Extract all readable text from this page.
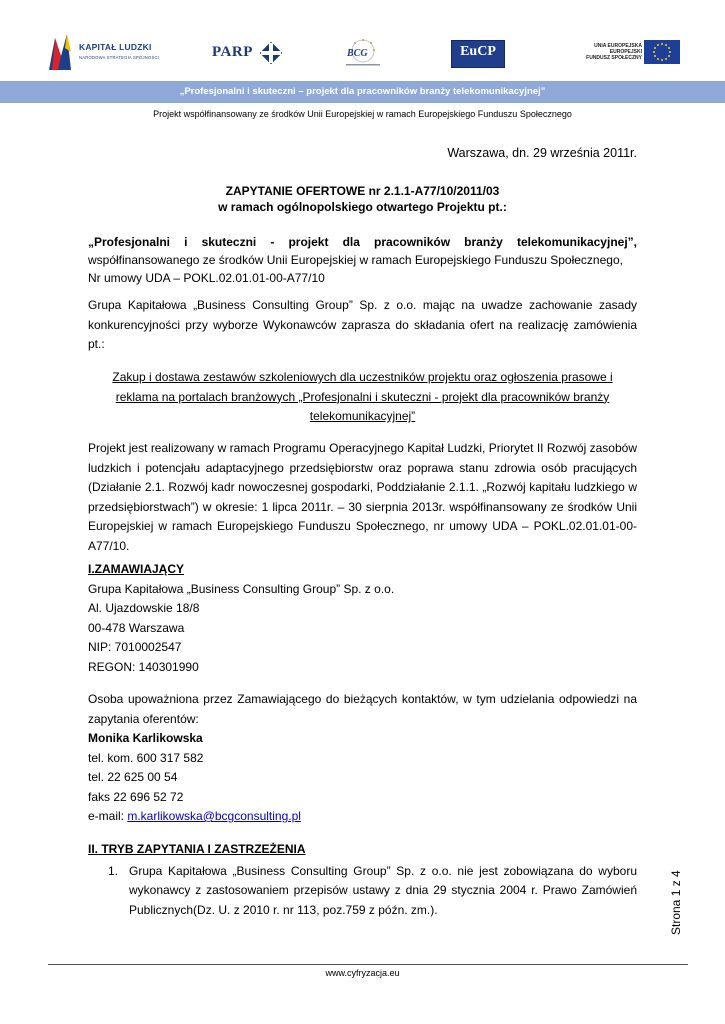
KAPITAŁ LUDZKI
NARODOWA STRATEGIA SPÓJNOŚCI	PARP	BCG	EuCP	UNIA EUROPEJSKA
EUROPEJSKI
FUNDUSZ SPOŁECZNY
„Profesjonalni i skuteczni – projekt dla pracowników branży telekomunikacyjnej”
Projekt współfinansowany ze środków Unii Europejskiej w ramach Europejskiego Funduszu Społecznego
Warszawa, dn. 29 września 2011r.
ZAPYTANIE OFERTOWE nr 2.1.1-A77/10/2011/03
w ramach ogólnopolskiego otwartego Projektu pt.:
„Profesjonalni i skuteczni - projekt dla pracowników branży telekomunikacyjnej”,
współfinansowanego ze środków Unii Europejskiej w ramach Europejskiego Funduszu Społecznego,
Nr umowy UDA – POKL.02.01.01-00-A77/10
Grupa Kapitałowa „Business Consulting Group” Sp. z o.o. mając na uwadze zachowanie zasady konkurencyjności przy wyborze Wykonawców zaprasza do składania ofert na realizację zamówienia pt.:
Zakup i dostawa zestawów szkoleniowych dla uczestników projektu oraz ogłoszenia prasowe i reklama na portalach branżowych „Profesjonalni i skuteczni - projekt dla pracowników branży telekomunikacyjnej”
Projekt jest realizowany w ramach Programu Operacyjnego Kapitał Ludzki, Priorytet II Rozwój zasobów ludzkich i potencjału adaptacyjnego przedsiębiorstw oraz poprawa stanu zdrowia osób pracujących (Działanie 2.1. Rozwój kadr nowoczesnej gospodarki, Poddziałanie 2.1.1. „Rozwój kapitału ludzkiego w przedsiębiorstwach”) w okresie: 1 lipca 2011r. – 30 sierpnia 2013r. współfinansowany ze środków Unii Europejskiej w ramach Europejskiego Funduszu Społecznego, nr umowy UDA – POKL.02.01.01-00-A77/10.
I.ZAMAWIAJĄCY
Grupa Kapitałowa „Business Consulting Group” Sp. z o.o.
Al. Ujazdowskie 18/8
00-478 Warszawa
NIP: 7010002547
REGON: 140301990
Osoba upoważniona przez Zamawiającego do bieżących kontaktów, w tym udzielania odpowiedzi na zapytania oferentów:
Monika Karlikowska
tel. kom. 600 317 582
tel. 22 625 00 54
faks 22 696 52 72
e-mail: m.karlikowska@bcgconsulting.pl
II. TRYB ZAPYTANIA I ZASTRZEŻENIA
1. Grupa Kapitałowa „Business Consulting Group” Sp. z o.o. nie jest zobowiązana do wyboru wykonawcy z zastosowaniem przepisów ustawy z dnia 29 stycznia 2004 r. Prawo Zamówień Publicznych(Dz. U. z 2010 r. nr 113, poz.759 z późn. zm.).	Strona 1 z 4
www.cyfryzacja.eu
